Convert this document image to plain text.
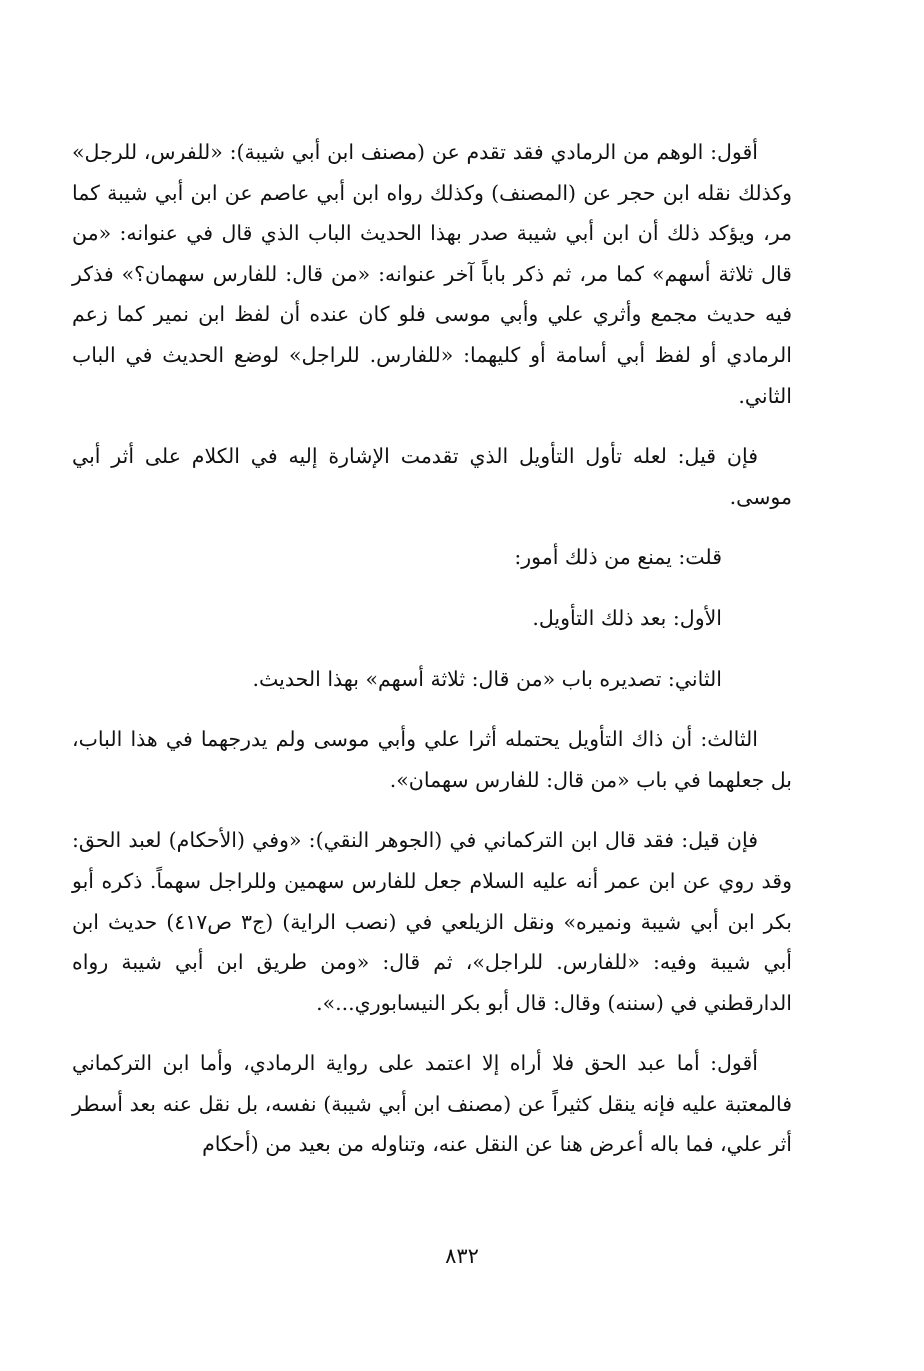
أقول: الوهم من الرمادي فقد تقدم عن (مصنف ابن أبي شيبة): «للفرس، للرجل» وكذلك نقله ابن حجر عن (المصنف) وكذلك رواه ابن أبي عاصم عن ابن أبي شيبة كما مر، ويؤكد ذلك أن ابن أبي شيبة صدر بهذا الحديث الباب الذي قال في عنوانه: «من قال ثلاثة أسهم» كما مر، ثم ذكر باباً آخر عنوانه: «من قال: للفارس سهمان؟» فذكر فيه حديث مجمع وأثري علي وأبي موسى فلو كان عنده أن لفظ ابن نمير كما زعم الرمادي أو لفظ أبي أسامة أو كليهما: «للفارس. للراجل» لوضع الحديث في الباب الثاني.

فإن قيل: لعله تأول التأويل الذي تقدمت الإشارة إليه في الكلام على أثر أبي موسى.

قلت: يمنع من ذلك أمور:

الأول: بعد ذلك التأويل.

الثاني: تصديره باب «من قال: ثلاثة أسهم» بهذا الحديث.

الثالث: أن ذاك التأويل يحتمله أثرا علي وأبي موسى ولم يدرجهما في هذا الباب، بل جعلهما في باب «من قال: للفارس سهمان».

فإن قيل: فقد قال ابن التركماني في (الجوهر النقي): «وفي (الأحكام) لعبد الحق: وقد روي عن ابن عمر أنه عليه السلام جعل للفارس سهمين وللراجل سهماً. ذكره أبو بكر ابن أبي شيبة ونميره» ونقل الزيلعي في (نصب الراية) (ج٣ ص٤١٧) حديث ابن أبي شيبة وفيه: «للفارس. للراجل»، ثم قال: «ومن طريق ابن أبي شيبة رواه الدارقطني في (سننه) وقال: قال أبو بكر النيسابوري...».

أقول: أما عبد الحق فلا أراه إلا اعتمد على رواية الرمادي، وأما ابن التركماني فالمعتبة عليه فإنه ينقل كثيراً عن (مصنف ابن أبي شيبة) نفسه، بل نقل عنه بعد أسطر أثر علي، فما باله أعرض هنا عن النقل عنه، وتناوله من بعيد من (أحكام

٨٣٢
